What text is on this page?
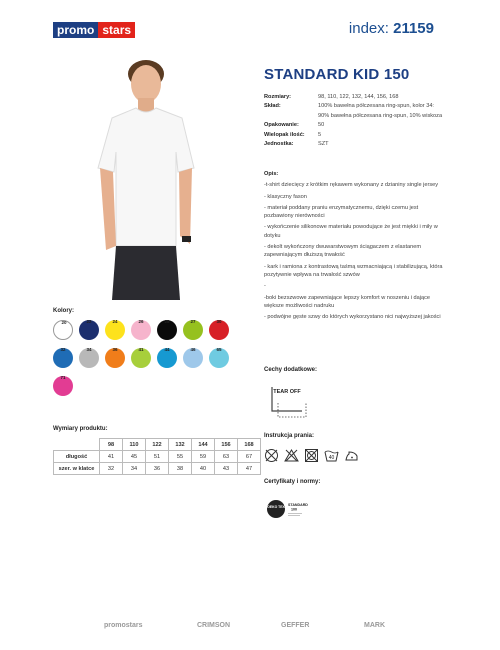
promo stars	index: 21159
STANDARD KID 150
Rozmiary:	98, 110, 122, 132, 144, 156, 168
Skład:	100% bawełna półczesana ring-spun, kolor 34: 90% bawełna półczesana ring-spun, 10% wiskoza
Opakowanie:	50
Wielopak ilość:	5
Jednostka:	SZT

Opis:

-t-shirt dziecięcy z krótkim rękawem wykonany z dzianiny single jersey

- klasyczny fason

- materiał poddany praniu enzymatycznemu, dzięki czemu jest pozbawiony nierówności

- wykończenie silikonowe materiału powodujące że jest miękki i miły w dotyku

- dekolt wykończony dwuwarstwowym ściągaczem z elastanem zapewniającym dłuższą trwałość

- kark i ramiona z kontrastową taśmą wzmacniającą i stabilizującą, która pozytywnie wpływa na trwałość szwów

-

-boki bezszwowe zapewniające lepszy komfort w noszeniu i dające większe możliwości nadruku

- podwójne gęste szwy do których wykorzystano nici najwyższej jakości

Kolory:
20	22	24	26	28	27	30
32	34	36	41	44	46	65
71
Wymiary produktu:
	98	110	122	132	144	156	168
długość	41	45	51	55	59	63	67
szer. w klatce	32	34	36	38	40	43	47
Cechy dodatkowe:
TEAR OFF
Instrukcja prania:
40
Certyfikaty i normy:
OEKO TEX STANDARD
100
promostars	CRIMSON	GEFFER	MARK
